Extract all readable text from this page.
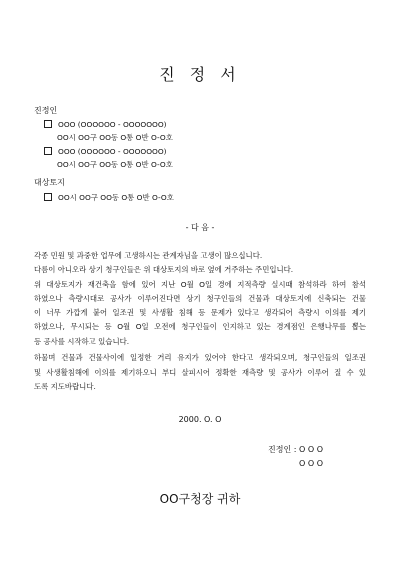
진 정 서
진정인
OOO (OOOOOO - OOOOOOO)
OO시 OO구 OO동 O통 O반 O-O호
OOO (OOOOOO - OOOOOOO)
OO시 OO구 OO동 O통 O반 O-O호
대상토지
OO시 OO구 OO동 O통 O반 O-O호
- 다 음 -

각종 민원 및 과중한 업무에 고생하시는 관계자님을 고생이 많으십니다.

다름이 아니오라 상기 청구인들은 위 대상토지의 바로 옆에 거주하는 주민입니다.

위 대상토지가 재건축을 함에 있어 지난 O월 O일 경에 지적측량 실시때 참석하라 하여 참석

하였으나 측량시대로 공사가 이루어진다면 상기 청구인들의 건물과 대상토지에 신축되는 건물

이 너무 가깝게 붙어 일조권 및 사생활 침해 등 문제가 있다고 생각되어 측량시 이의를 제기

하였으나, 무시되는 등 O월 O일 오전에 청구인들이 인지하고 있는 경계점인 은행나무를 뽑는

등 공사를 시작하고 있습니다.

하물며 건물과 건물사이에 일정한 거리 유지가 있어야 한다고 생각되오며, 청구인들의 일조권

및 사생활침해에 이의를 제기하오니 부디 살피시어 정확한 재측량 및 공사가 이루어 질 수 있

도록 지도바랍니다.

2000. O. O
진정인 : O O O
O O O
OO구청장 귀하
